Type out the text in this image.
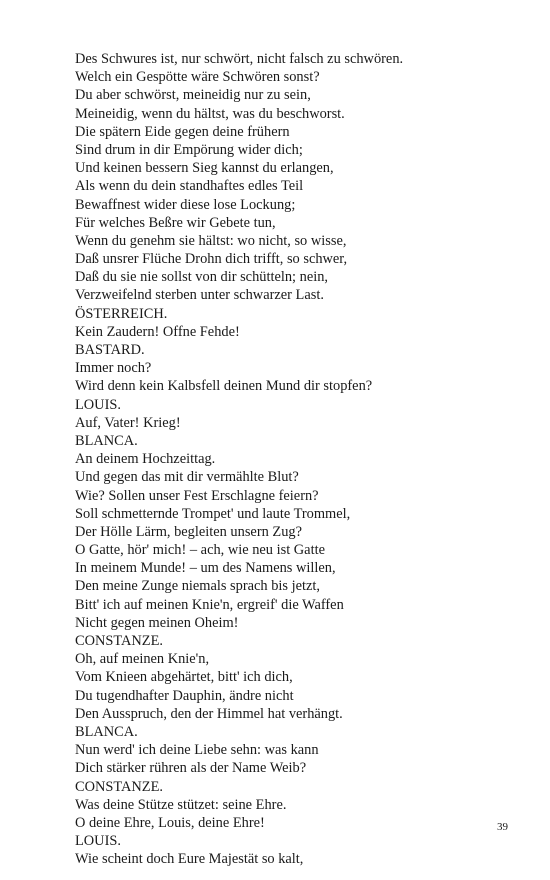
Des Schwures ist, nur schwört, nicht falsch zu schwören.
Welch ein Gespötte wäre Schwören sonst?
Du aber schwörst, meineidig nur zu sein,
Meineidig, wenn du hältst, was du beschworst.
Die spätern Eide gegen deine frühern
Sind drum in dir Empörung wider dich;
Und keinen bessern Sieg kannst du erlangen,
Als wenn du dein standhaftes edles Teil
Bewaffnest wider diese lose Lockung;
Für welches Beßre wir Gebete tun,
Wenn du genehm sie hältst: wo nicht, so wisse,
Daß unsrer Flüche Drohn dich trifft, so schwer,
Daß du sie nie sollst von dir schütteln; nein,
Verzweifelnd sterben unter schwarzer Last.
ÖSTERREICH.
Kein Zaudern! Offne Fehde!
BASTARD.
Immer noch?
Wird denn kein Kalbsfell deinen Mund dir stopfen?
LOUIS.
Auf, Vater! Krieg!
BLANCA.
An deinem Hochzeittag.
Und gegen das mit dir vermählte Blut?
Wie? Sollen unser Fest Erschlagne feiern?
Soll schmetternde Trompet' und laute Trommel,
Der Hölle Lärm, begleiten unsern Zug?
O Gatte, hör' mich! – ach, wie neu ist Gatte
In meinem Munde! – um des Namens willen,
Den meine Zunge niemals sprach bis jetzt,
Bitt' ich auf meinen Knie'n, ergreif' die Waffen
Nicht gegen meinen Oheim!
CONSTANZE.
Oh, auf meinen Knie'n,
Vom Knieen abgehärtet, bitt' ich dich,
Du tugendhafter Dauphin, ändre nicht
Den Ausspruch, den der Himmel hat verhängt.
BLANCA.
Nun werd' ich deine Liebe sehn: was kann
Dich stärker rühren als der Name Weib?
CONSTANZE.
Was deine Stütze stützet: seine Ehre.
O deine Ehre, Louis, deine Ehre!
LOUIS.
Wie scheint doch Eure Majestät so kalt,
39
